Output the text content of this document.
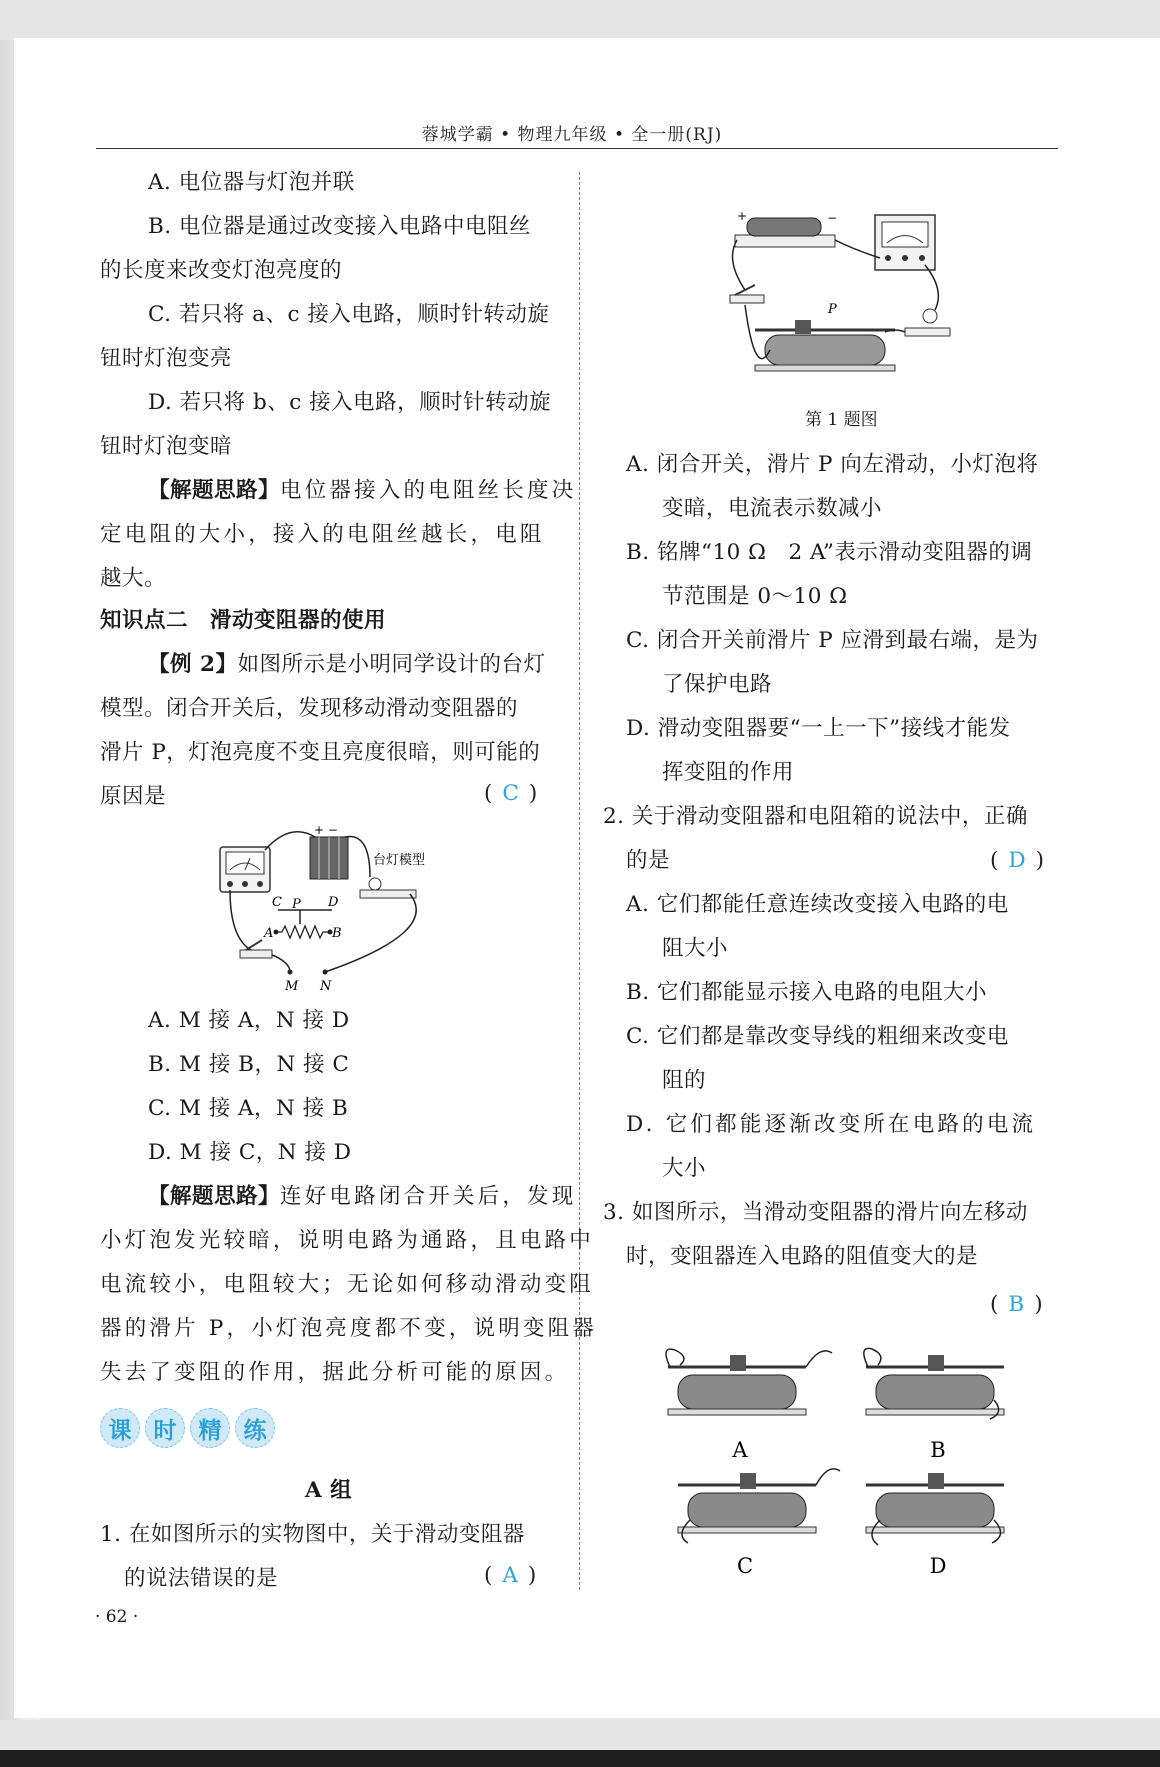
蓉城学霸 • 物理九年级 • 全一册(RJ)
A. 电位器与灯泡并联
B. 电位器是通过改变接入电路中电阻丝
的长度来改变灯泡亮度的
C. 若只将 a、c 接入电路，顺时针转动旋
钮时灯泡变亮
D. 若只将 b、c 接入电路，顺时针转动旋
钮时灯泡变暗
【解题思路】电位器接入的电阻丝长度决
定电阻的大小，接入的电阻丝越长，电阻
越大。
知识点二　滑动变阻器的使用
【例 2】如图所示是小明同学设计的台灯
模型。闭合开关后，发现移动滑动变阻器的
滑片 P，灯泡亮度不变且亮度很暗，则可能的
原因是	( C )
+ −
台灯模型
C P D
A	B
M N
A. M 接 A，N 接 D
B. M 接 B，N 接 C
C. M 接 A，N 接 B
D. M 接 C，N 接 D
【解题思路】连好电路闭合开关后，发现
小灯泡发光较暗，说明电路为通路，且电路中
电流较小，电阻较大；无论如何移动滑动变阻
器的滑片 P，小灯泡亮度都不变，说明变阻器
失去了变阻的作用，据此分析可能的原因。
课 时 精 练
A 组
1. 在如图所示的实物图中，关于滑动变阻器
的说法错误的是	( A )
· 62 ·
+	−
P
第 1 题图
A. 闭合开关，滑片 P 向左滑动，小灯泡将
变暗，电流表示数减小
B. 铭牌“10 Ω　2 A”表示滑动变阻器的调
节范围是 0～10 Ω
C. 闭合开关前滑片 P 应滑到最右端，是为
了保护电路
D. 滑动变阻器要“一上一下”接线才能发
挥变阻的作用
2. 关于滑动变阻器和电阻箱的说法中，正确
的是	( D )
A. 它们都能任意连续改变接入电路的电
阻大小
B. 它们都能显示接入电路的电阻大小
C. 它们都是靠改变导线的粗细来改变电
阻的
D. 它们都能逐渐改变所在电路的电流
大小
3. 如图所示，当滑动变阻器的滑片向左移动
时，变阻器连入电路的阻值变大的是
( B )
A	B
C	D
